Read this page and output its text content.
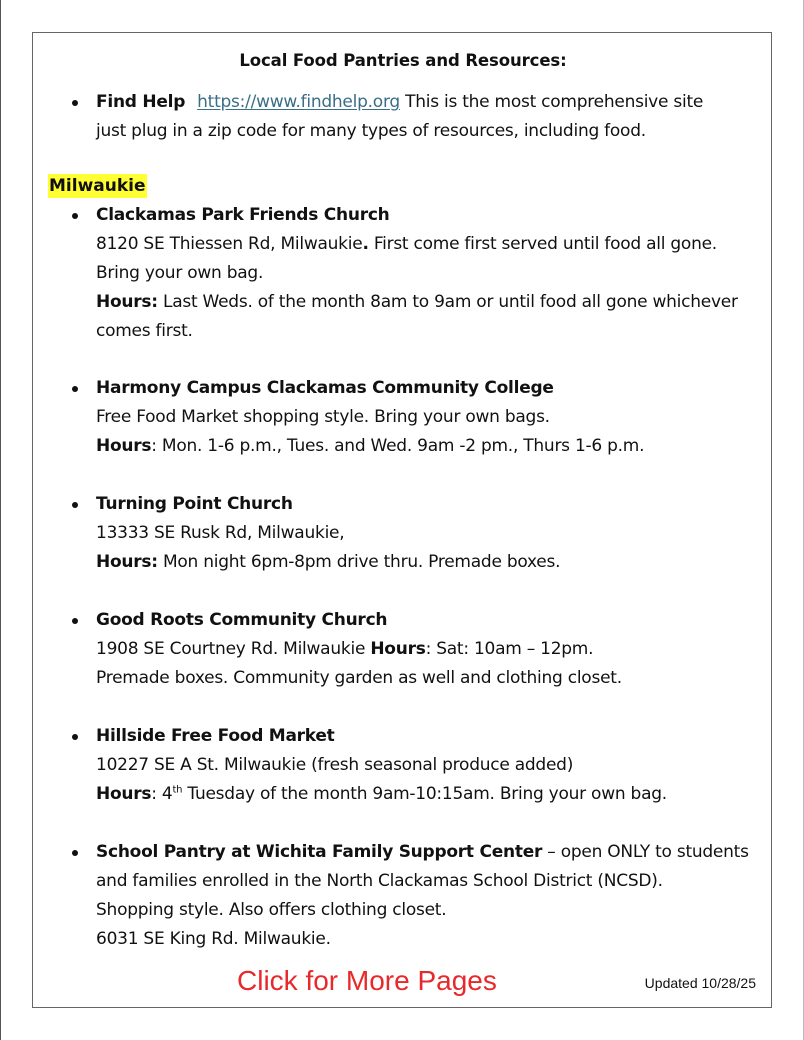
Local Food Pantries and Resources:
Find Help https://www.findhelp.org This is the most comprehensive site
just plug in a zip code for many types of resources, including food.
Milwaukie
Clackamas Park Friends Church
8120 SE Thiessen Rd, Milwaukie. First come first served until food all gone.
Bring your own bag.
Hours: Last Weds. of the month 8am to 9am or until food all gone whichever
comes first.
Harmony Campus Clackamas Community College
Free Food Market shopping style. Bring your own bags.
Hours: Mon. 1-6 p.m., Tues. and Wed. 9am -2 pm., Thurs 1-6 p.m.
Turning Point Church
13333 SE Rusk Rd, Milwaukie,
Hours: Mon night 6pm-8pm drive thru. Premade boxes.
Good Roots Community Church
1908 SE Courtney Rd. Milwaukie Hours: Sat: 10am – 12pm.
Premade boxes. Community garden as well and clothing closet.
Hillside Free Food Market
10227 SE A St. Milwaukie (fresh seasonal produce added)
Hours: 4th Tuesday of the month 9am-10:15am. Bring your own bag.
School Pantry at Wichita Family Support Center – open ONLY to students
and families enrolled in the North Clackamas School District (NCSD).
Shopping style. Also offers clothing closet.
6031 SE King Rd. Milwaukie.
Click for More Pages	Updated 10/28/25
